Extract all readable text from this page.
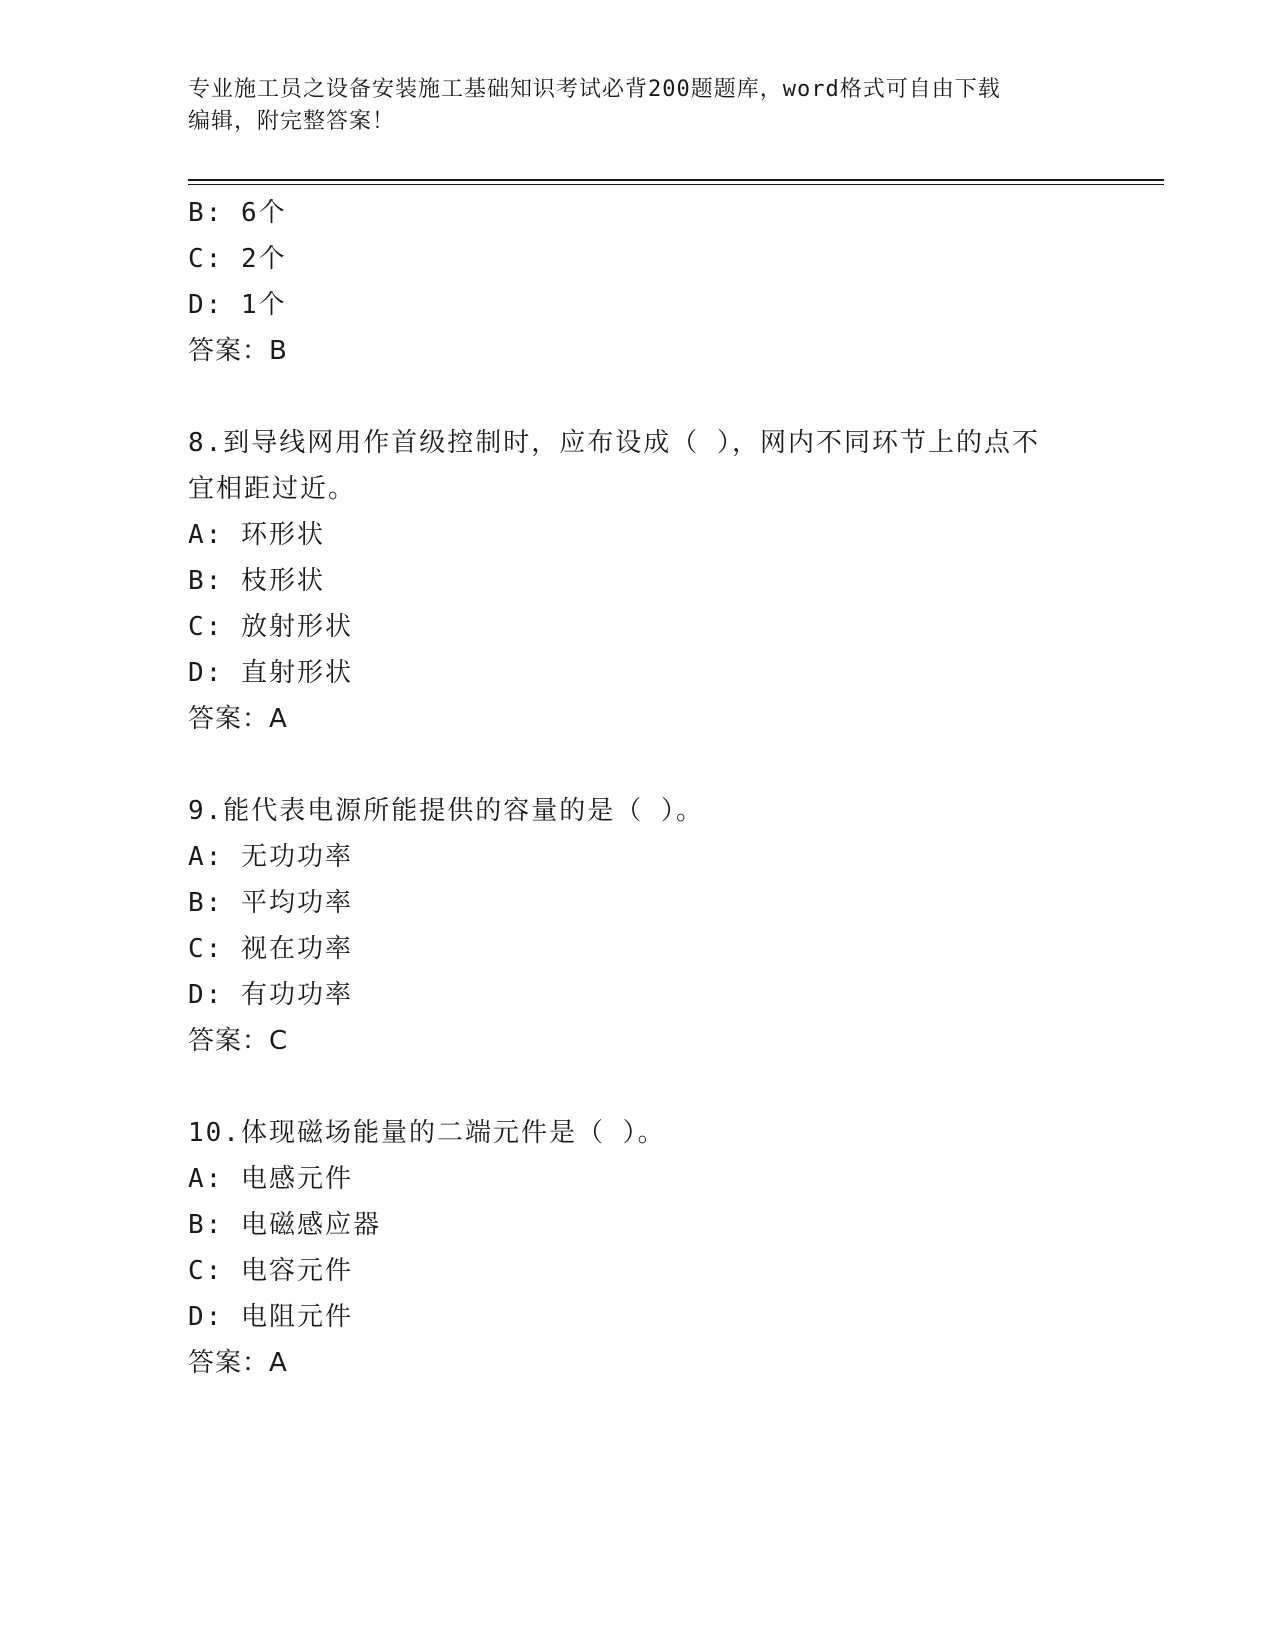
专业施工员之设备安装施工基础知识考试必背200题题库，word格式可自由下载
编辑，附完整答案！
B: 6个
C: 2个
D: 1个
答案：B
8.到导线网用作首级控制时，应布设成（ ），网内不同环节上的点不
宜相距过近。
A: 环形状
B: 枝形状
C: 放射形状
D: 直射形状
答案：A
9.能代表电源所能提供的容量的是（ ）。
A: 无功功率
B: 平均功率
C: 视在功率
D: 有功功率
答案：C
10.体现磁场能量的二端元件是（ ）。
A: 电感元件
B: 电磁感应器
C: 电容元件
D: 电阻元件
答案：A
